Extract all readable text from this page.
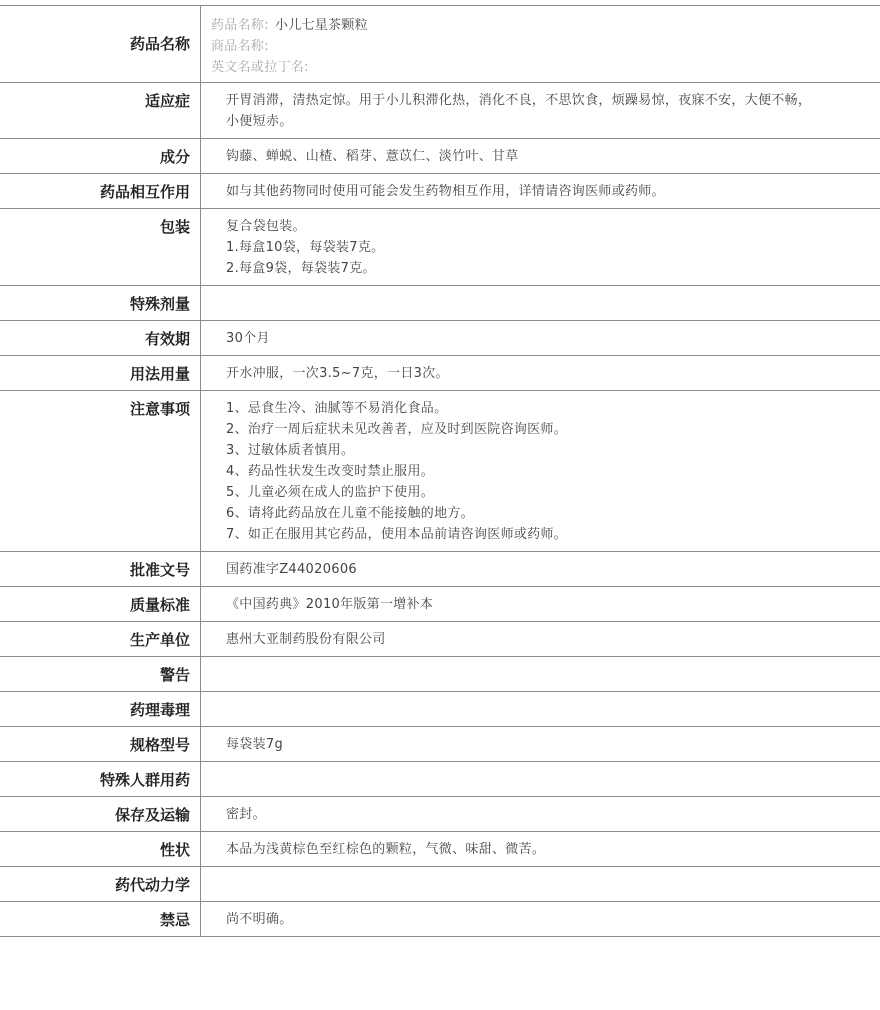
药品名称
药品名称: 小儿七星茶颗粒
商品名称:
英文名或拉丁名:
适应症	开胃消滞，清热定惊。用于小儿积滞化热，消化不良，不思饮食，烦躁易惊，夜寐不安，大便不畅，小便短赤。
成分	钩藤、蝉蜕、山楂、稻芽、薏苡仁、淡竹叶、甘草
药品相互作用	如与其他药物同时使用可能会发生药物相互作用，详情请咨询医师或药师。
包装	复合袋包装。
1.每盒10袋，每袋装7克。
2.每盒9袋，每袋装7克。
特殊剂量
有效期	30个月
用法用量	开水冲服，一次3.5~7克，一日3次。
注意事项	1、忌食生冷、油腻等不易消化食品。
2、治疗一周后症状未见改善者，应及时到医院咨询医师。
3、过敏体质者慎用。
4、药品性状发生改变时禁止服用。
5、儿童必须在成人的监护下使用。
6、请将此药品放在儿童不能接触的地方。
7、如正在服用其它药品，使用本品前请咨询医师或药师。
批准文号	国药准字Z44020606
质量标准	《中国药典》2010年版第一增补本
生产单位	惠州大亚制药股份有限公司
警告
药理毒理
规格型号	每袋装7g
特殊人群用药
保存及运输	密封。
性状	本品为浅黄棕色至红棕色的颗粒，气微、味甜、微苦。
药代动力学
禁忌	尚不明确。
